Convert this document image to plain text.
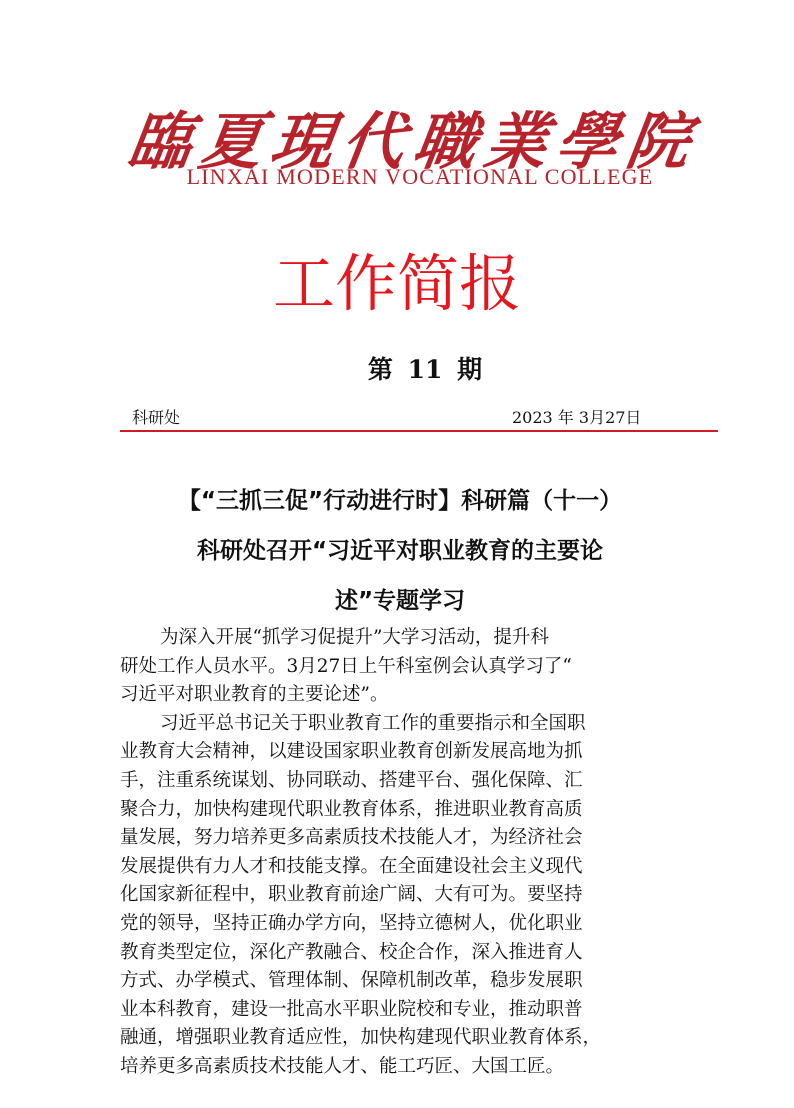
臨
夏
現
代
職
業
學
院
LINXAI MODERN VOCATIONAL COLLEGE
工作简报
第 11 期
科研处	2023 年 3月27日
【“三抓三促”行动进行时】科研篇（十一）
科研处召开“习近平对职业教育的主要论
述”专题学习
为深入开展“抓学习促提升”大学习活动，提升科
研处工作人员水平。3月27日上午科室例会认真学习了“
习近平对职业教育的主要论述”。
习近平总书记关于职业教育工作的重要指示和全国职
业教育大会精神，以建设国家职业教育创新发展高地为抓
手，注重系统谋划、协同联动、搭建平台、强化保障、汇
聚合力，加快构建现代职业教育体系，推进职业教育高质
量发展，努力培养更多高素质技术技能人才，为经济社会
发展提供有力人才和技能支撑。在全面建设社会主义现代
化国家新征程中，职业教育前途广阔、大有可为。要坚持
党的领导，坚持正确办学方向，坚持立德树人，优化职业
教育类型定位，深化产教融合、校企合作，深入推进育人
方式、办学模式、管理体制、保障机制改革，稳步发展职
业本科教育，建设一批高水平职业院校和专业，推动职普
融通，增强职业教育适应性，加快构建现代职业教育体系，
培养更多高素质技术技能人才、能工巧匠、大国工匠。
